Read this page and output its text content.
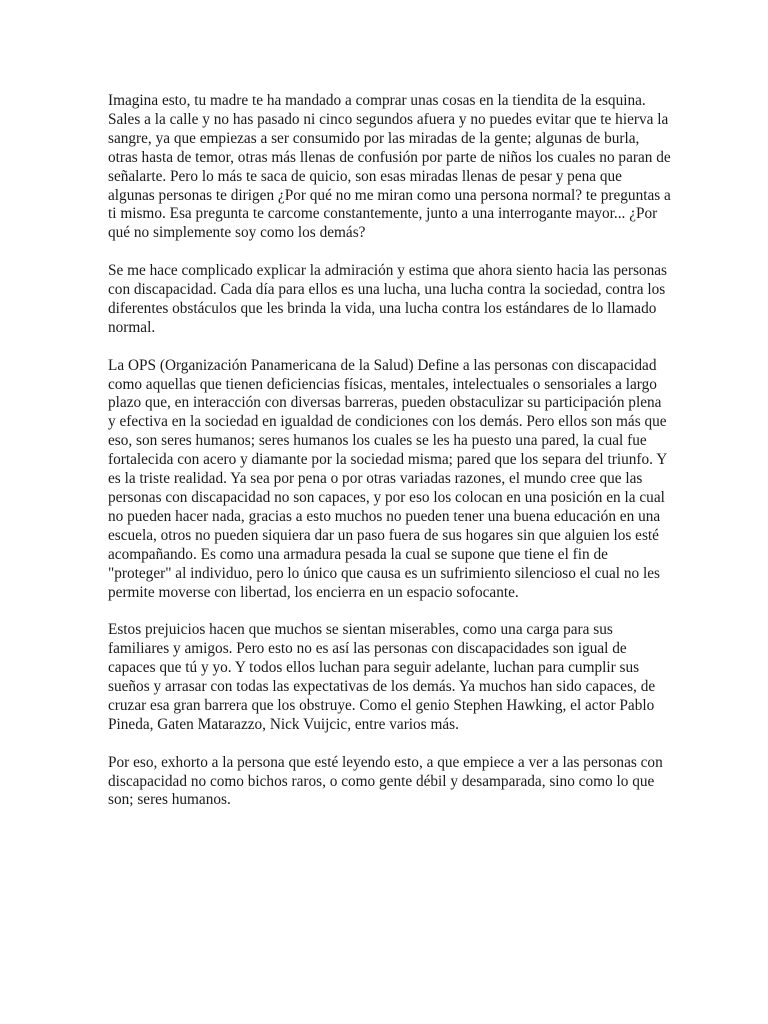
Imagina esto, tu madre te ha mandado a comprar unas cosas en la tiendita de la esquina.
Sales a la calle y no has pasado ni cinco segundos afuera y no puedes evitar que te hierva la
sangre, ya que empiezas a ser consumido por las miradas de la gente; algunas de burla,
otras hasta de temor, otras más llenas de confusión por parte de niños los cuales no paran de
señalarte. Pero lo más te saca de quicio, son esas miradas llenas de pesar y pena que
algunas personas te dirigen ¿Por qué no me miran como una persona normal? te preguntas a
ti mismo. Esa pregunta te carcome constantemente, junto a una interrogante mayor... ¿Por
qué no simplemente soy como los demás?

Se me hace complicado explicar la admiración y estima que ahora siento hacia las personas
con discapacidad. Cada día para ellos es una lucha, una lucha contra la sociedad, contra los
diferentes obstáculos que les brinda la vida, una lucha contra los estándares de lo llamado
normal.

La OPS (Organización Panamericana de la Salud) Define a las personas con discapacidad
como aquellas que tienen deficiencias físicas, mentales, intelectuales o sensoriales a largo
plazo que, en interacción con diversas barreras, pueden obstaculizar su participación plena
y efectiva en la sociedad en igualdad de condiciones con los demás. Pero ellos son más que
eso, son seres humanos; seres humanos los cuales se les ha puesto una pared, la cual fue
fortalecida con acero y diamante por la sociedad misma; pared que los separa del triunfo. Y
es la triste realidad. Ya sea por pena o por otras variadas razones, el mundo cree que las
personas con discapacidad no son capaces, y por eso los colocan en una posición en la cual
no pueden hacer nada, gracias a esto muchos no pueden tener una buena educación en una
escuela, otros no pueden siquiera dar un paso fuera de sus hogares sin que alguien los esté
acompañando. Es como una armadura pesada la cual se supone que tiene el fin de
"proteger" al individuo, pero lo único que causa es un sufrimiento silencioso el cual no les
permite moverse con libertad, los encierra en un espacio sofocante.

Estos prejuicios hacen que muchos se sientan miserables, como una carga para sus
familiares y amigos. Pero esto no es así las personas con discapacidades son igual de
capaces que tú y yo. Y todos ellos luchan para seguir adelante, luchan para cumplir sus
sueños y arrasar con todas las expectativas de los demás. Ya muchos han sido capaces, de
cruzar esa gran barrera que los obstruye. Como el genio Stephen Hawking, el actor Pablo
Pineda, Gaten Matarazzo, Nick Vuijcic, entre varios más.

Por eso, exhorto a la persona que esté leyendo esto, a que empiece a ver a las personas con
discapacidad no como bichos raros, o como gente débil y desamparada, sino como lo que
son; seres humanos.
